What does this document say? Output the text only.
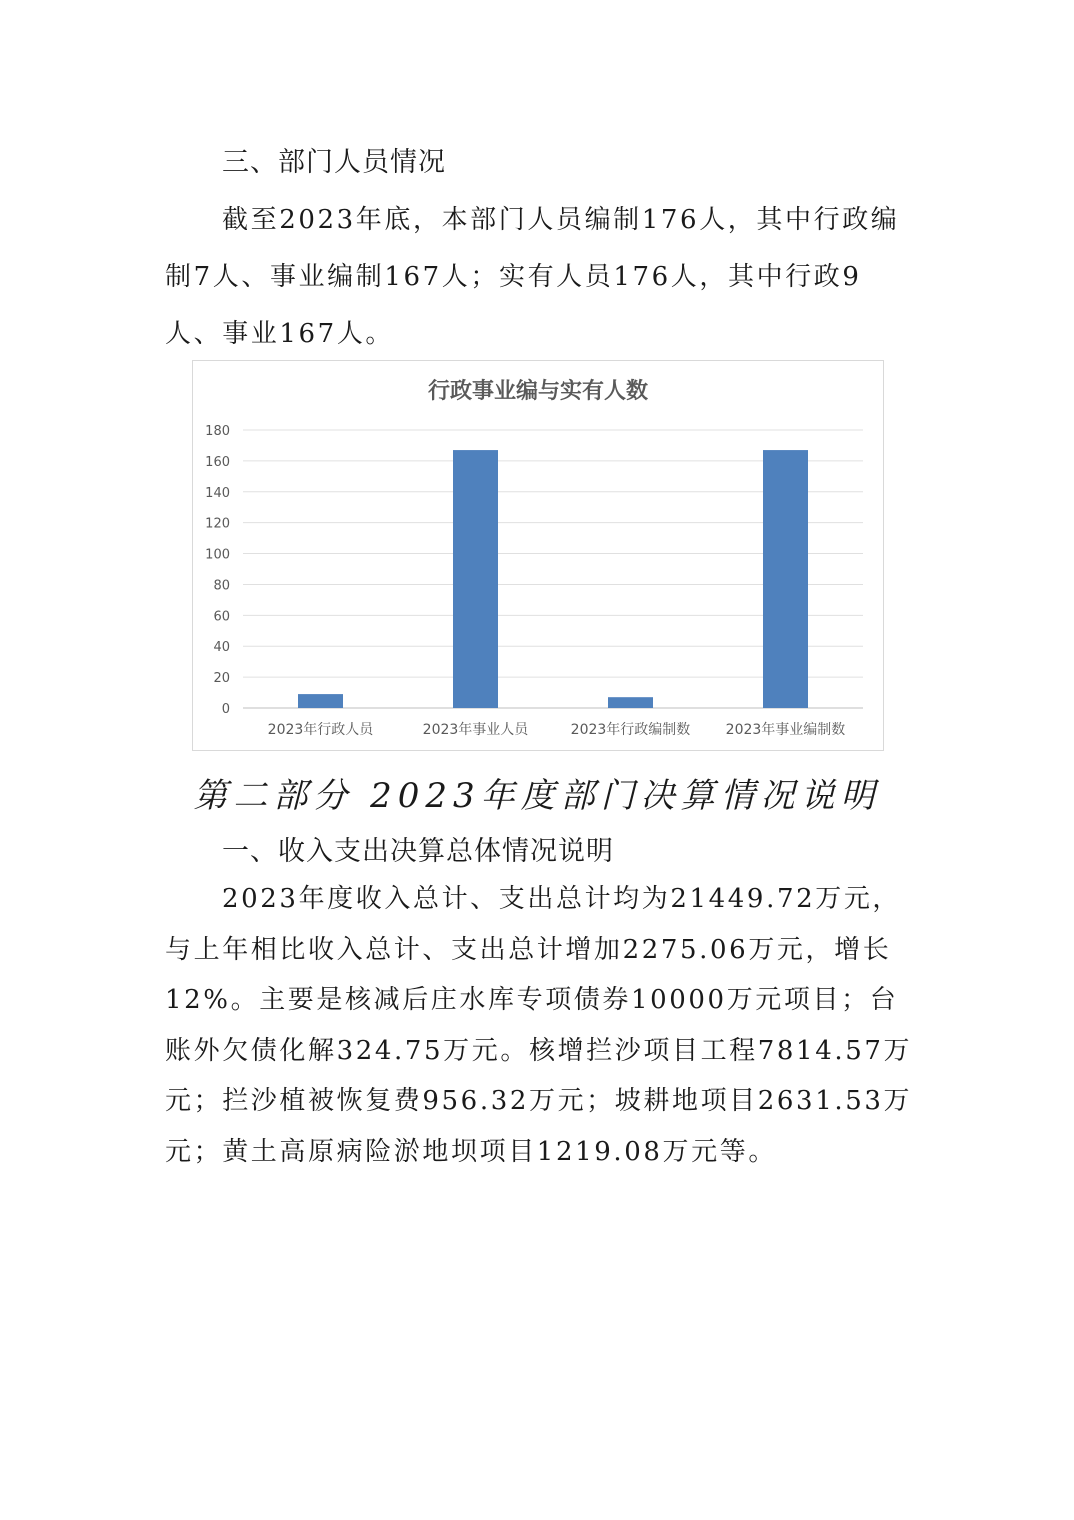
三、部门人员情况

截至2023年底，本部门人员编制176人，其中行政编制7人、事业编制167人；实有人员176人，其中行政9人、事业167人。

行政事业编与实有人数
0
20
40
60
80
100
120
140
160
180
2023年行政人员	2023年事业人员	2023年行政编制数	2023年事业编制数
第二部分 2023年度部门决算情况说明
一、收入支出决算总体情况说明

2023年度收入总计、支出总计均为21449.72万元，与上年相比收入总计、支出总计增加2275.06万元，增长12%。主要是核减后庄水库专项债券10000万元项目；台账外欠债化解324.75万元。核增拦沙项目工程7814.57万元；拦沙植被恢复费956.32万元；坡耕地项目2631.53万元；黄土高原病险淤地坝项目1219.08万元等。
